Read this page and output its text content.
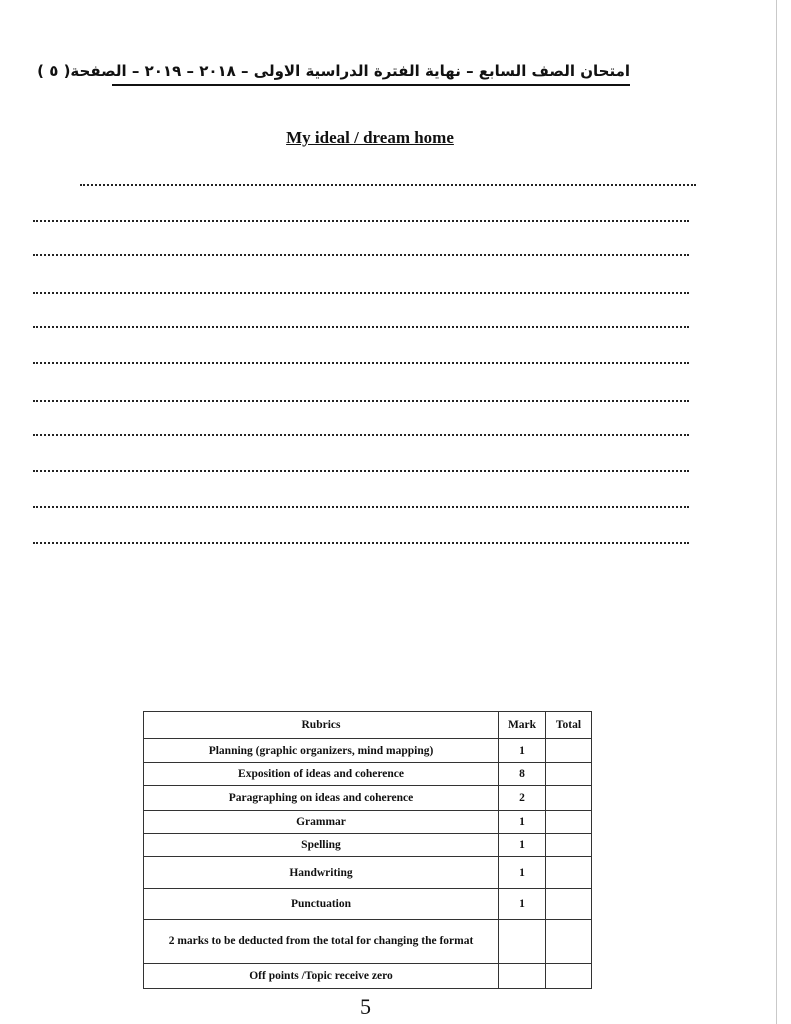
امتحان الصف السابع – نهاية الفترة الدراسية الاولى – ٢٠١٨ – ٢٠١٩ – الصفحة( ٥ )
My ideal / dream home
Rubrics	Mark	Total
Planning (graphic organizers, mind mapping)	1	
Exposition of ideas and coherence	8	
Paragraphing on ideas and coherence	2	
Grammar	1	
Spelling	1	
Handwriting	1	
Punctuation	1	
2 marks to be deducted from the total for changing the format		
Off points /Topic receive zero		
5
